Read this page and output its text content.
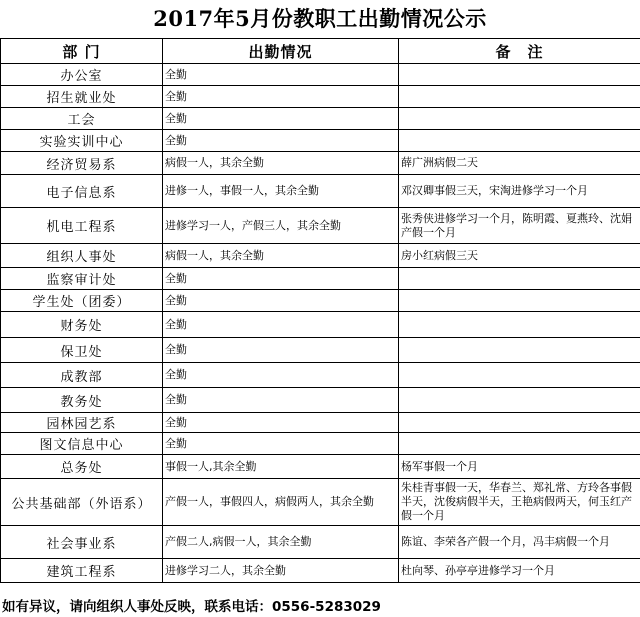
2017年5月份教职工出勤情况公示
部 门	出勤情况	备　注
办公室	全勤	
招生就业处	全勤	
工会	全勤	
实验实训中心	全勤	
经济贸易系	病假一人，其余全勤	薛广洲病假二天
电子信息系	进修一人，事假一人，其余全勤	邓汉卿事假三天，宋淘进修学习一个月
机电工程系	进修学习一人，产假三人，其余全勤	张秀侠进修学习一个月，陈明霞、夏燕玲、沈娟产假一个月
组织人事处	病假一人，其余全勤	房小红病假三天
监察审计处	全勤	
学生处（团委）	全勤	
财务处	全勤	
保卫处	全勤	
成教部	全勤	
教务处	全勤	
园林园艺系	全勤	
图文信息中心	全勤	
总务处	事假一人,其余全勤	杨军事假一个月
公共基础部（外语系）	产假一人，事假四人，病假两人，其余全勤	朱桂青事假一天，华春兰、郑礼常、方玲各事假半天，沈俊病假半天，王艳病假两天，何玉红产假一个月
社会事业系	产假二人,病假一人，其余全勤	陈谊、李荣各产假一个月，冯丰病假一个月
建筑工程系	进修学习二人，其余全勤	杜向琴、孙亭亭进修学习一个月
如有异议，请向组织人事处反映，联系电话：0556-5283029
